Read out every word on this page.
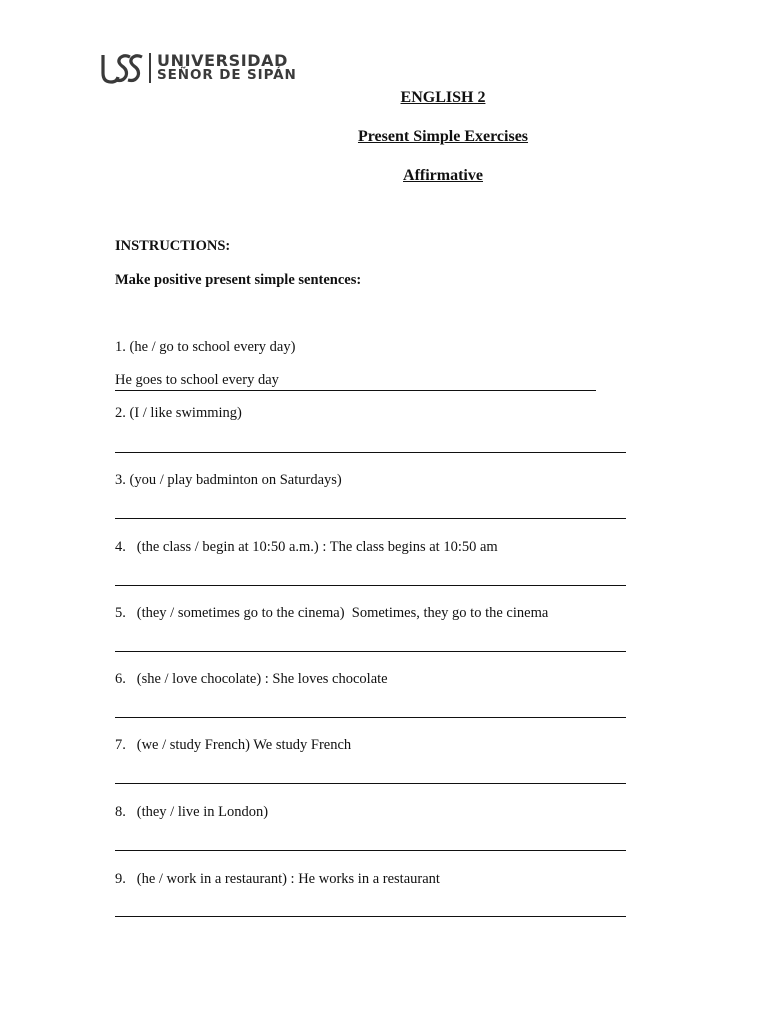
UNIVERSIDAD
SEÑOR DE SIPÁN
ENGLISH 2
Present Simple Exercises
Affirmative
INSTRUCTIONS:
Make positive present simple sentences:
1. (he / go to school every day)
He goes to school every day
2. (I / like swimming)
3. (you / play badminton on Saturdays)
4.   (the class / begin at 10:50 a.m.) : The class begins at 10:50 am
5.   (they / sometimes go to the cinema)  Sometimes, they go to the cinema
6.   (she / love chocolate) : She loves chocolate
7.   (we / study French) We study French
8.   (they / live in London)
9.   (he / work in a restaurant) : He works in a restaurant
